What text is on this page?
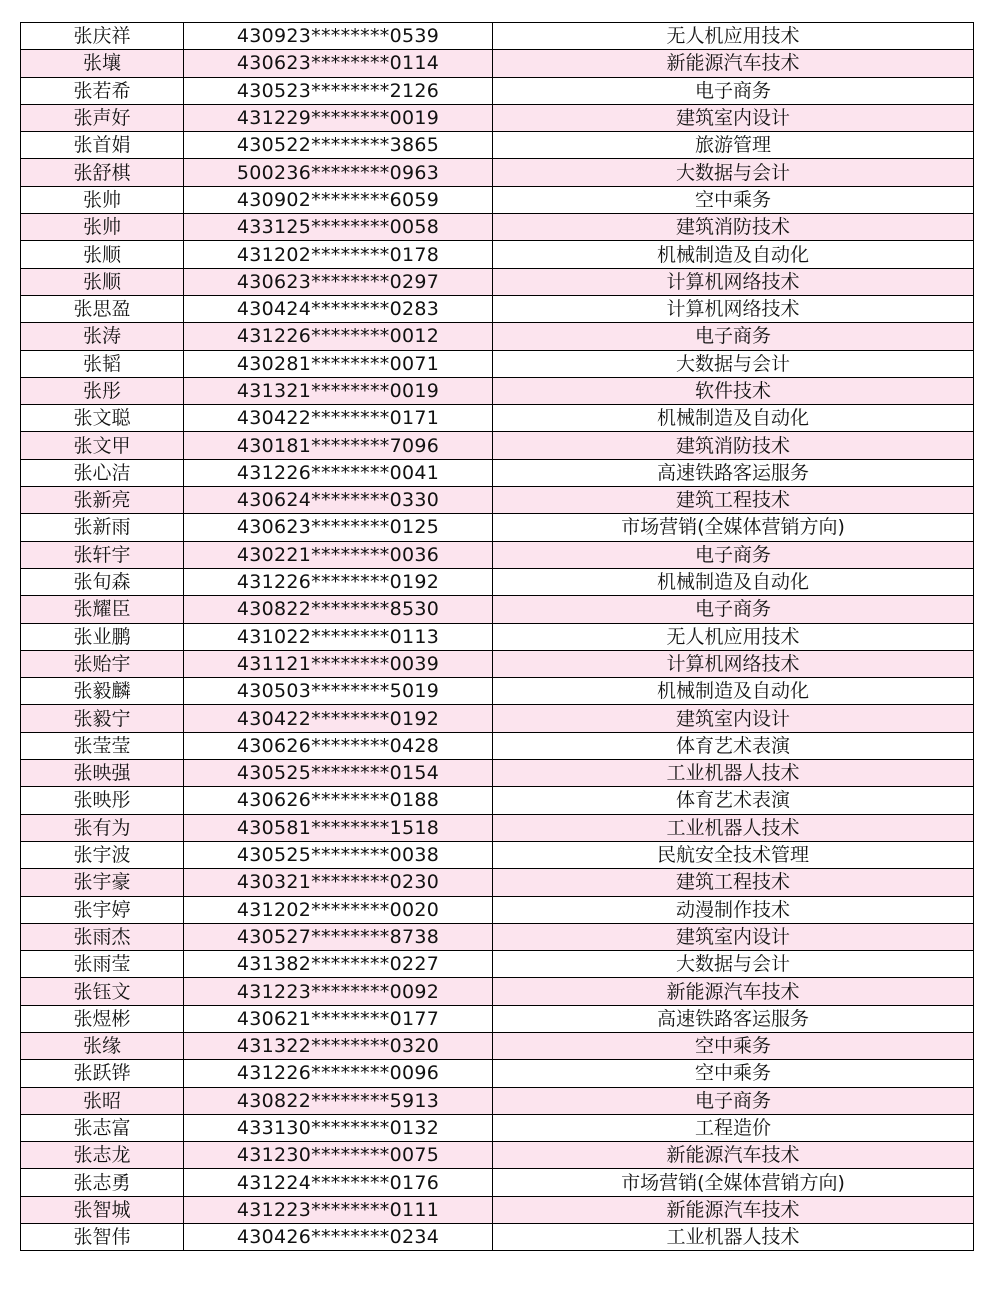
张庆祥	430923********0539	无人机应用技术
张壤	430623********0114	新能源汽车技术
张若希	430523********2126	电子商务
张声好	431229********0019	建筑室内设计
张首娟	430522********3865	旅游管理
张舒棋	500236********0963	大数据与会计
张帅	430902********6059	空中乘务
张帅	433125********0058	建筑消防技术
张顺	431202********0178	机械制造及自动化
张顺	430623********0297	计算机网络技术
张思盈	430424********0283	计算机网络技术
张涛	431226********0012	电子商务
张韬	430281********0071	大数据与会计
张彤	431321********0019	软件技术
张文聪	430422********0171	机械制造及自动化
张文甲	430181********7096	建筑消防技术
张心洁	431226********0041	高速铁路客运服务
张新亮	430624********0330	建筑工程技术
张新雨	430623********0125	市场营销(全媒体营销方向)
张轩宇	430221********0036	电子商务
张旬森	431226********0192	机械制造及自动化
张耀臣	430822********8530	电子商务
张业鹏	431022********0113	无人机应用技术
张贻宇	431121********0039	计算机网络技术
张毅麟	430503********5019	机械制造及自动化
张毅宁	430422********0192	建筑室内设计
张莹莹	430626********0428	体育艺术表演
张映强	430525********0154	工业机器人技术
张映彤	430626********0188	体育艺术表演
张有为	430581********1518	工业机器人技术
张宇波	430525********0038	民航安全技术管理
张宇豪	430321********0230	建筑工程技术
张宇婷	431202********0020	动漫制作技术
张雨杰	430527********8738	建筑室内设计
张雨莹	431382********0227	大数据与会计
张钰文	431223********0092	新能源汽车技术
张煜彬	430621********0177	高速铁路客运服务
张缘	431322********0320	空中乘务
张跃铧	431226********0096	空中乘务
张昭	430822********5913	电子商务
张志富	433130********0132	工程造价
张志龙	431230********0075	新能源汽车技术
张志勇	431224********0176	市场营销(全媒体营销方向)
张智城	431223********0111	新能源汽车技术
张智伟	430426********0234	工业机器人技术
